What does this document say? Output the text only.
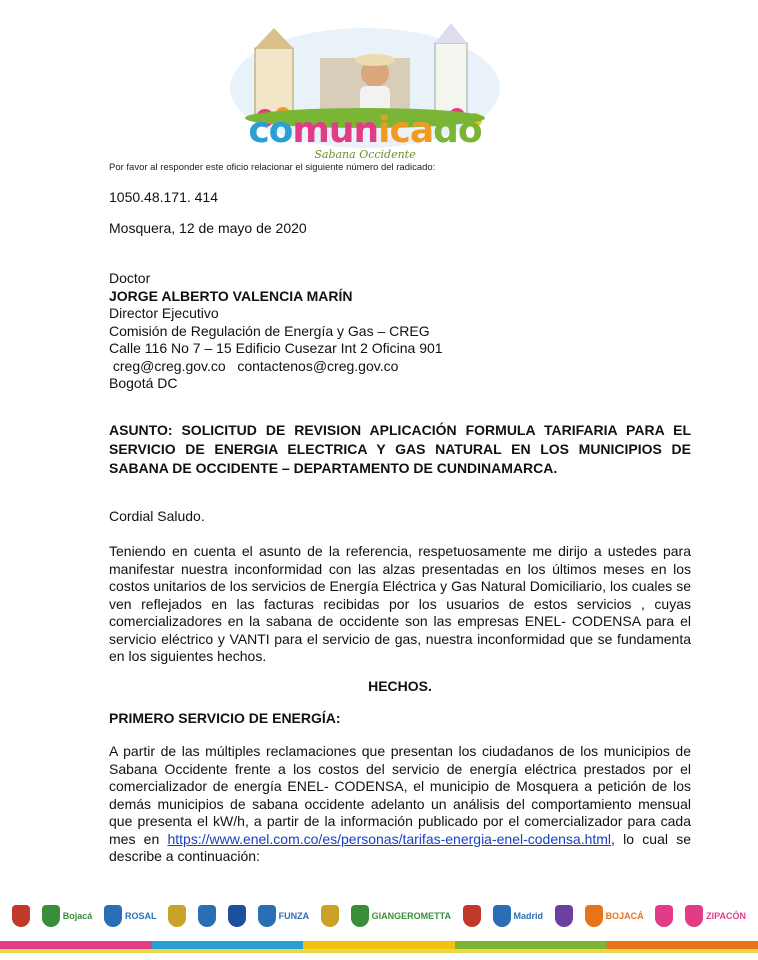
comunicado
Sabana Occidente
Por favor al responder este oficio relacionar el siguiente número del radicado:
1050.48.171. 414
Mosquera, 12 de mayo de 2020
Doctor
JORGE ALBERTO VALENCIA MARÍN
Director Ejecutivo
Comisión de Regulación de Energía y Gas – CREG
Calle 116 No 7 – 15 Edificio Cusezar Int 2 Oficina 901
creg@creg.gov.co   contactenos@creg.gov.co
Bogotá DC
ASUNTO: SOLICITUD DE REVISION APLICACIÓN FORMULA TARIFARIA PARA EL SERVICIO DE ENERGIA ELECTRICA Y GAS NATURAL EN LOS MUNICIPIOS DE SABANA DE OCCIDENTE – DEPARTAMENTO DE CUNDINAMARCA.
Cordial Saludo.
Teniendo en cuenta el asunto de la referencia, respetuosamente me dirijo a ustedes para manifestar nuestra inconformidad con las alzas presentadas en los últimos meses en los costos unitarios de los servicios de Energía Eléctrica y Gas Natural Domiciliario, los cuales se ven reflejados en las facturas recibidas por los usuarios de estos servicios , cuyas comercializadores en la sabana de occidente son las empresas ENEL- CODENSA para el servicio eléctrico y VANTI para el servicio de gas, nuestra inconformidad que se fundamenta en los siguientes hechos.
HECHOS.
PRIMERO SERVICIO DE ENERGÍA:
A partir de las múltiples reclamaciones que presentan los ciudadanos de los municipios de Sabana Occidente frente a los costos del servicio de energía eléctrica prestados por el comercializador de energía ENEL- CODENSA, el municipio de Mosquera a petición de los demás municipios de sabana occidente adelanto un análisis del comportamiento mensual que presenta el kW/h, a partir de la información publicado por el comercializador para cada mes en https://www.enel.com.co/es/personas/tarifas-energia-enel-codensa.html, lo cual se describe a continuación:
Bojacá	ROSAL	FUNZA	GIANGEROMETTA	Madrid	BOJACÁ	ZIPACÓN
